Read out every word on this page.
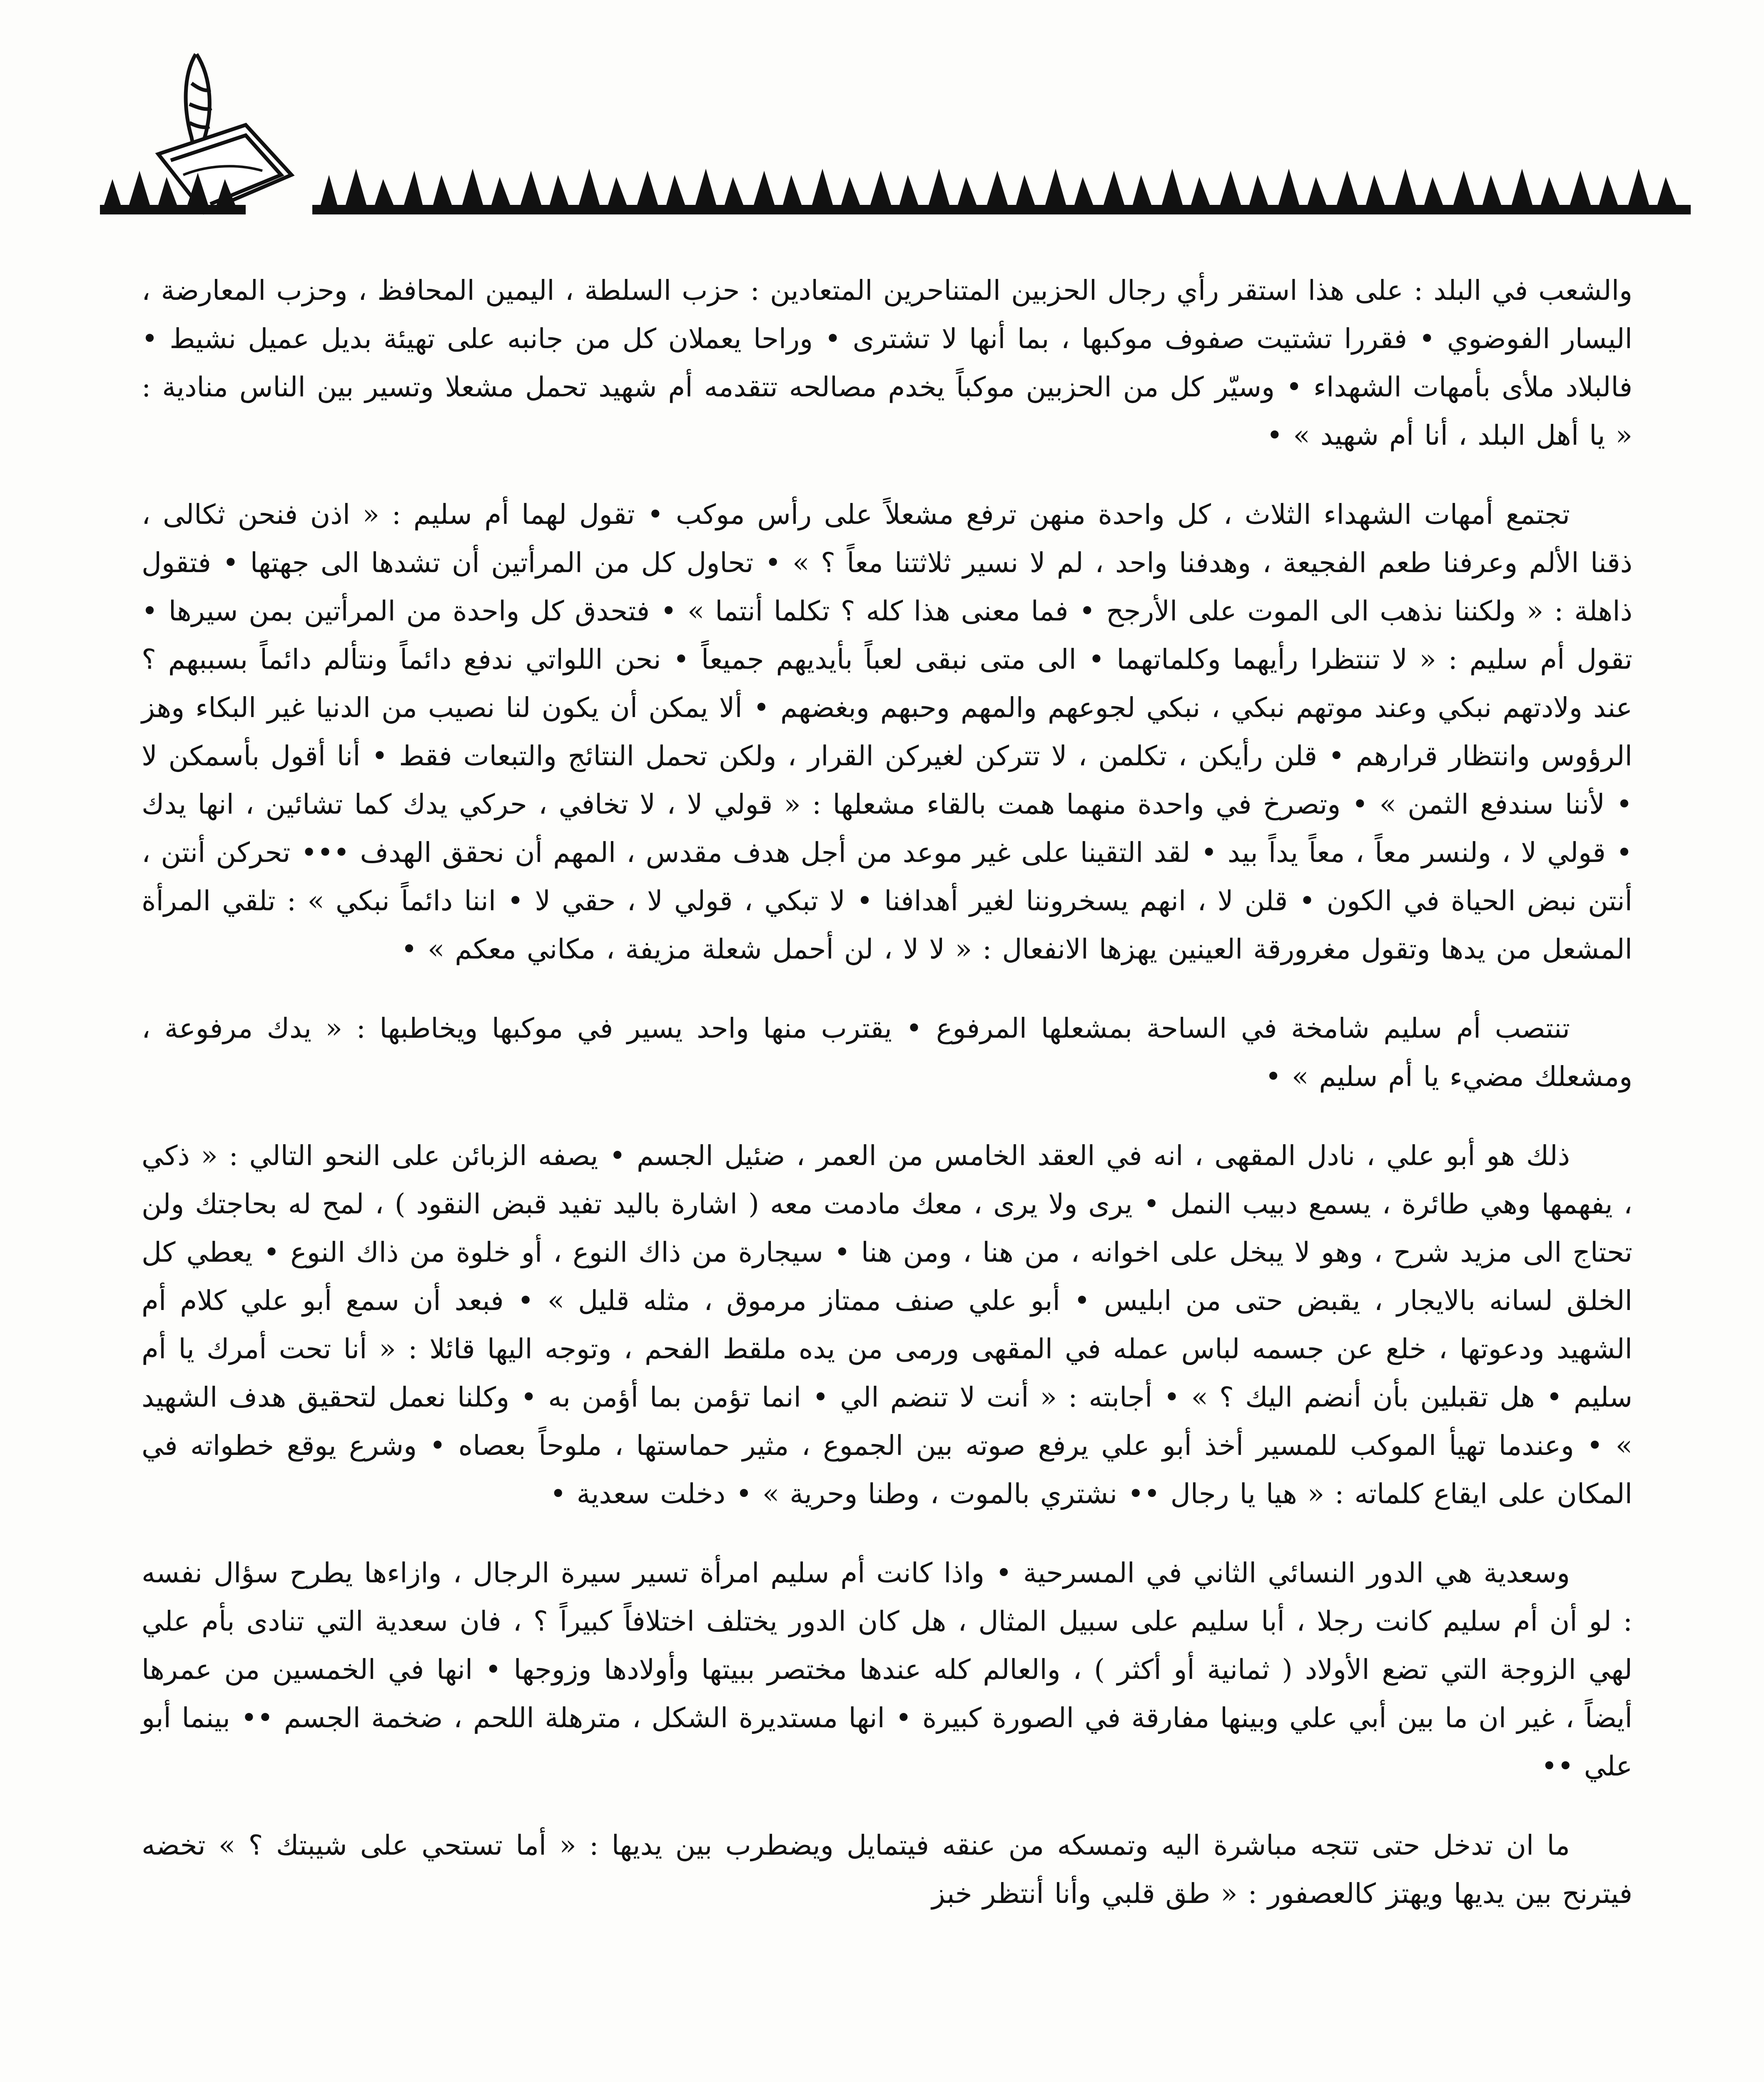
والشعب في البلد : على هذا استقر رأي رجال الحزبين المتناحرين المتعادين : حزب السلطة ، اليمين المحافظ ، وحزب المعارضة ، اليسار الفوضوي • فقررا تشتيت صفوف موكبها ، بما أنها لا تشترى • وراحا يعملان كل من جانبه على تهيئة بديل عميل نشيط • فالبلاد ملأى بأمهات الشهداء • وسيّر كل من الحزبين موكباً يخدم مصالحه تتقدمه أم شهيد تحمل مشعلا وتسير بين الناس منادية : « يا أهل البلد ، أنا أم شهيد » •

تجتمع أمهات الشهداء الثلاث ، كل واحدة منهن ترفع مشعلاً على رأس موكب • تقول لهما أم سليم : « اذن فنحن ثكالى ، ذقنا الألم وعرفنا طعم الفجيعة ، وهدفنا واحد ، لم لا نسير ثلاثتنا معاً ؟ » • تحاول كل من المرأتين أن تشدها الى جهتها • فتقول ذاهلة : « ولكننا نذهب الى الموت على الأرجح • فما معنى هذا كله ؟ تكلما أنتما » • فتحدق كل واحدة من المرأتين بمن سيرها • تقول أم سليم : « لا تنتظرا رأيهما وكلماتهما • الى متى نبقى لعباً بأيديهم جميعاً • نحن اللواتي ندفع دائماً ونتألم دائماً بسببهم ؟ عند ولادتهم نبكي وعند موتهم نبكي ، نبكي لجوعهم والمهم وحبهم وبغضهم • ألا يمكن أن يكون لنا نصيب من الدنيا غير البكاء وهز الرؤوس وانتظار قرارهم • قلن رأيكن ، تكلمن ، لا تتركن لغيركن القرار ، ولكن تحمل النتائج والتبعات فقط • أنا أقول بأسمكن لا • لأننا سندفع الثمن » • وتصرخ في واحدة منهما همت بالقاء مشعلها : « قولي لا ، لا تخافي ، حركي يدك كما تشائين ، انها يدك • قولي لا ، ولنسر معاً ، معاً يداً بيد • لقد التقينا على غير موعد من أجل هدف مقدس ، المهم أن نحقق الهدف ••• تحركن أنتن ، أنتن نبض الحياة في الكون • قلن لا ، انهم يسخروننا لغير أهدافنا • لا تبكي ، قولي لا ، حقي لا • اننا دائماً نبكي » : تلقي المرأة المشعل من يدها وتقول مغرورقة العينين يهزها الانفعال : « لا لا ، لن أحمل شعلة مزيفة ، مكاني معكم » •

تنتصب أم سليم شامخة في الساحة بمشعلها المرفوع • يقترب منها واحد يسير في موكبها ويخاطبها : « يدك مرفوعة ، ومشعلك مضيء يا أم سليم » •

ذلك هو أبو علي ، نادل المقهى ، انه في العقد الخامس من العمر ، ضئيل الجسم • يصفه الزبائن على النحو التالي : « ذكي ، يفهمها وهي طائرة ، يسمع دبيب النمل • يرى ولا يرى ، معك مادمت معه ( اشارة باليد تفيد قبض النقود ) ، لمح له بحاجتك ولن تحتاج الى مزيد شرح ، وهو لا يبخل على اخوانه ، من هنا ، ومن هنا • سيجارة من ذاك النوع ، أو خلوة من ذاك النوع • يعطي كل الخلق لسانه بالايجار ، يقبض حتى من ابليس • أبو علي صنف ممتاز مرموق ، مثله قليل » • فبعد أن سمع أبو علي كلام أم الشهيد ودعوتها ، خلع عن جسمه لباس عمله في المقهى ورمى من يده ملقط الفحم ، وتوجه اليها قائلا : « أنا تحت أمرك يا أم سليم • هل تقبلين بأن أنضم اليك ؟ » • أجابته : « أنت لا تنضم الي • انما تؤمن بما أؤمن به • وكلنا نعمل لتحقيق هدف الشهيد » • وعندما تهيأ الموكب للمسير أخذ أبو علي يرفع صوته بين الجموع ، مثير حماستها ، ملوحاً بعصاه • وشرع يوقع خطواته في المكان على ايقاع كلماته : « هيا يا رجال •• نشتري بالموت ، وطنا وحرية » • دخلت سعدية •

وسعدية هي الدور النسائي الثاني في المسرحية • واذا كانت أم سليم امرأة تسير سيرة الرجال ، وازاءها يطرح سؤال نفسه : لو أن أم سليم كانت رجلا ، أبا سليم على سبيل المثال ، هل كان الدور يختلف اختلافاً كبيراً ؟ ، فان سعدية التي تنادى بأم علي لهي الزوجة التي تضع الأولاد ( ثمانية أو أكثر ) ، والعالم كله عندها مختصر ببيتها وأولادها وزوجها • انها في الخمسين من عمرها أيضاً ، غير ان ما بين أبي علي وبينها مفارقة في الصورة كبيرة • انها مستديرة الشكل ، مترهلة اللحم ، ضخمة الجسم •• بينما أبو علي ••

ما ان تدخل حتى تتجه مباشرة اليه وتمسكه من عنقه فيتمايل ويضطرب بين يديها : « أما تستحي على شيبتك ؟ » تخضه فيترنح بين يديها ويهتز كالعصفور : « طق قلبي وأنا أنتظر خبز
